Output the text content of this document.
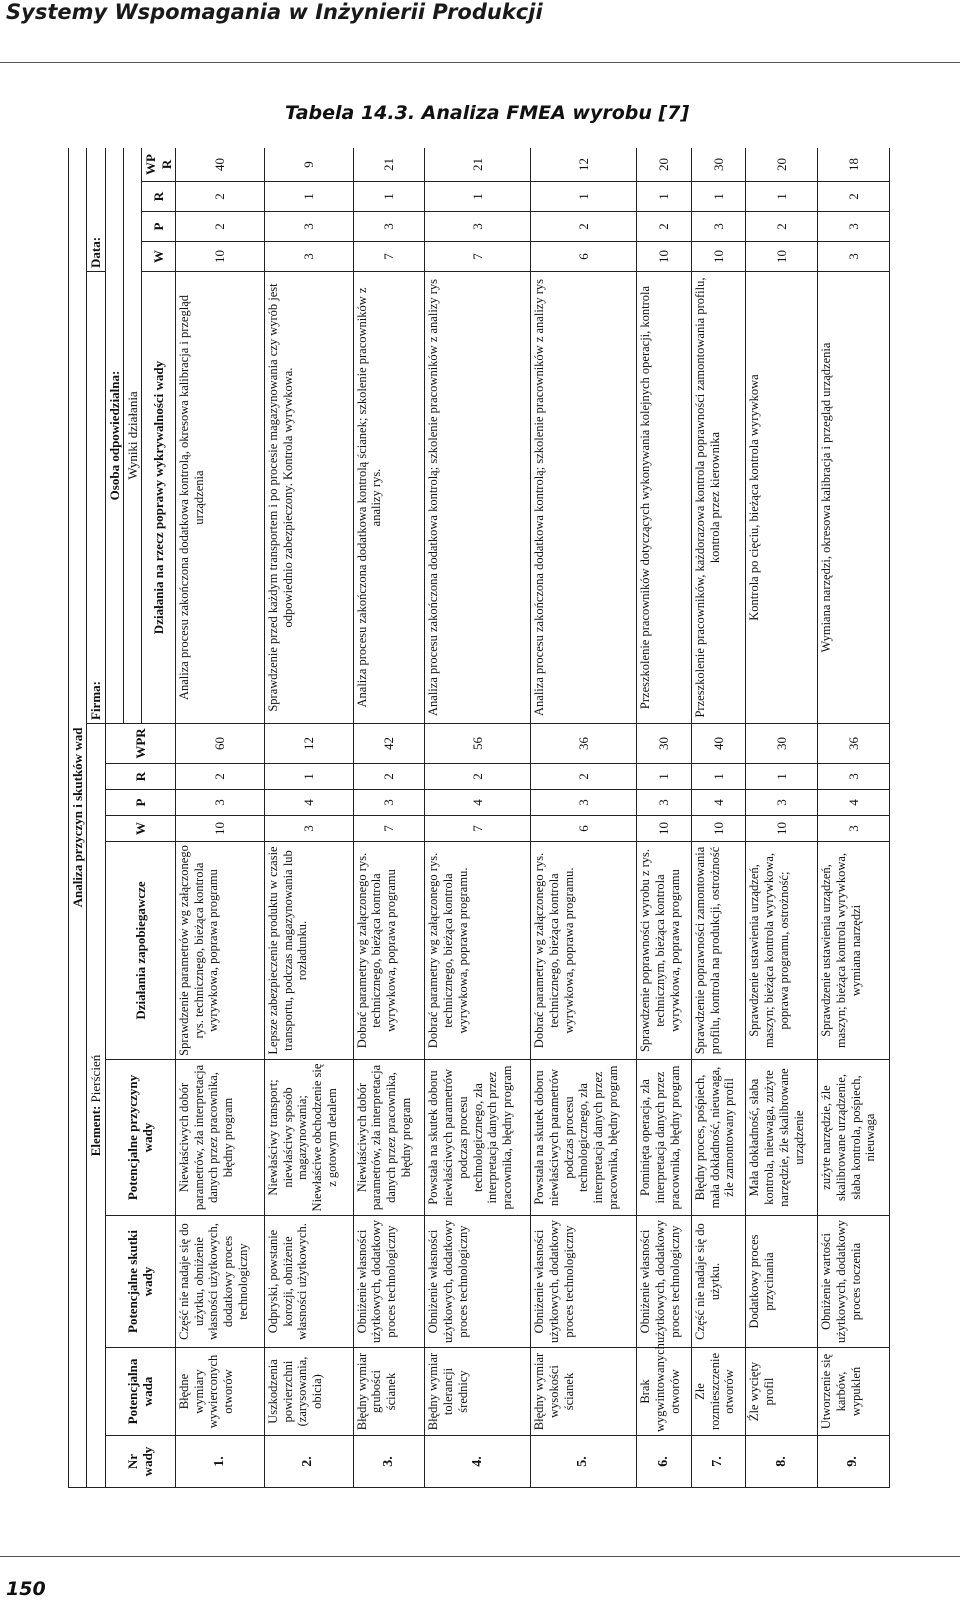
Systemy Wspomagania w Inżynierii Produkcji
Tabela 14.3. Analiza FMEA wyrobu [7]
Analiza przyczyn i skutków wad													
Element: Pierścień									Firma:	Data:			
Nr wady	Potencjalna wada	Potencjalne skutki wady	Potencjalne przyczyny wady	Działania zapobiegawcze	W	P	R	WPR	Osoba odpowiedzialna:				
									Wyniki działania				
									Działania na rzecz poprawy wykrywalności wady	W	P	R	WP R
1.	Błędne wymiary wywierconych otworów	Część nie nadaje się do użytku, obniżenie własności użytkowych, dodatkowy proces technologiczny	Niewłaściwych dobór parametrów, zła interpretacja danych przez pracownika, błędny program	Sprawdzenie parametrów wg załączonego rys. technicznego, bieżąca kontrola wyrywkowa, poprawa programu	10	3	2	60	Analiza procesu zakończona dodatkowa kontrolą, okresowa kalibracja i przegląd urządzenia	10	2	2	40
2.	Uszkodzenia powierzchni (zarysowania, obicia)	Odpryski, powstanie korozji, obniżenie własności użytkowych.	Niewłaściwy transport; niewłaściwy sposób magazynowania; Niewłaściwe obchodzenie się z gotowym detalem	Lepsze zabezpieczenie produktu w czasie transportu, podczas magazynowania lub rozładunku.	3	4	1	12	Sprawdzenie przed każdym transportem i po procesie magazynowania czy wyrób jest odpowiednio zabezpieczony. Kontrola wyrywkowa.	3	3	1	9
3.	Błędny wymiar grubości ścianek	Obniżenie własności użytkowych, dodatkowy proces technologiczny	Niewłaściwych dobór parametrów, zła interpretacja danych przez pracownika, błędny program	Dobrać parametry wg załączonego rys. technicznego, bieżąca kontrola wyrywkowa, poprawa programu	7	3	2	42	Analiza procesu zakończona dodatkowa kontrolą ścianek; szkolenie pracowników z analizy rys.	7	3	1	21
4.	Błędny wymiar tolerancji średnicy	Obniżenie własności użytkowych, dodatkowy proces technologiczny	Powstała na skutek doboru niewłaściwych parametrów podczas procesu technologicznego, zła interpretacja danych przez pracownika, błędny program	Dobrać parametry wg załączonego rys. technicznego, bieżąca kontrola wyrywkowa, poprawa programu.	7	4	2	56	Analiza procesu zakończona dodatkowa kontrolą; szkolenie pracowników z analizy rys	7	3	1	21
5.	Błędny wymiar wysokości ścianek	Obniżenie własności użytkowych, dodatkowy proces technologiczny	Powstała na skutek doboru niewłaściwych parametrów podczas procesu technologicznego, zła interpretacja danych przez pracownika, błędny program	Dobrać parametry wg załączonego rys. technicznego, bieżąca kontrola wyrywkowa, poprawa programu.	6	3	2	36	Analiza procesu zakończona dodatkowa kontrolą; szkolenie pracowników z analizy rys	6	2	1	12
6.	Brak wygwintowanych otworów	Obniżenie własności użytkowych, dodatkowy proces technologiczny	Pominięta operacja, zła interpretacja danych przez pracownika, błędny program	Sprawdzenie poprawności wyrobu z rys. technicznym, bieżąca kontrola wyrywkowa, poprawa programu	10	3	1	30	Przeszkolenie pracowników dotyczących wykonywania kolejnych operacji, kontrola	10	2	1	20
7.	Złe rozmieszczenie otworów	Część nie nadaje się do użytku.	Błędny proces, pośpiech, mała dokładność, nieuwaga, źle zamontowany profil	Sprawdzenie poprawności zamontowania profilu, kontrola na produkcji, ostrożność	10	4	1	40	Przeszkolenie pracowników, każdorazowa kontrola poprawności zamontowania profilu, kontrola przez kierownika	10	3	1	30
8.	Źle wycięty profil	Dodatkowy proces przycinania	Mała dokładność, słaba kontrola, nieuwaga, zużyte narzędzie, źle skalibrowane urządzenie	Sprawdzenie ustawienia urządzeń, maszyn; bieżąca kontrola wyrywkowa, poprawa programu, ostrożność;	10	3	1	30	Kontrola po cięciu, bieżąca kontrola wyrywkowa	10	2	1	20
9.	Utworzenie się karbów, wypukleń	Obniżenie wartości użytkowych, dodatkowy proces toczenia	zużyte narzędzie, źle skalibrowane urządzenie, słaba kontrola, pośpiech, nieuwaga	Sprawdzenie ustawienia urządzeń, maszyn; bieżąca kontrola wyrywkowa, wymiana narzędzi	3	4	3	36	Wymiana narzędzi, okresowa kalibracja i przegląd urządzenia	3	3	2	18
150
